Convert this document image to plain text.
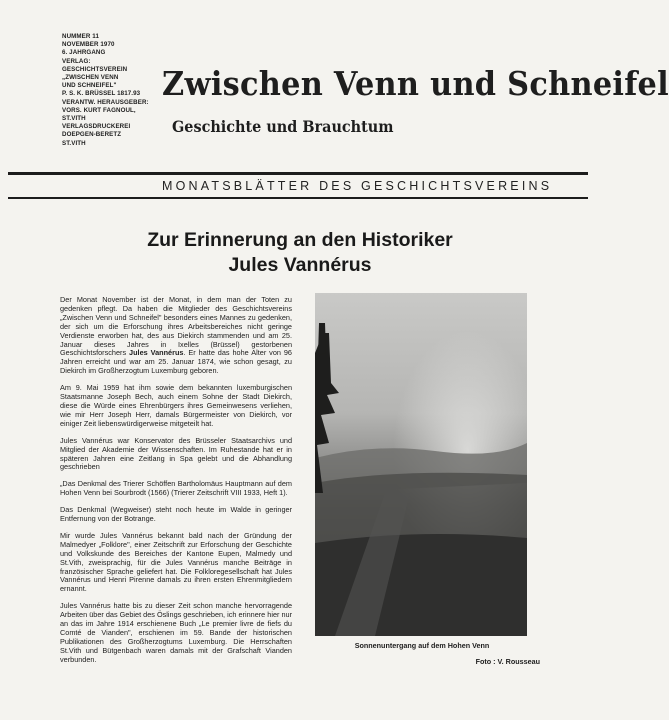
NUMMER 11
NOVEMBER 1970
6. JAHRGANG
VERLAG:
GESCHICHTSVEREIN
„ZWISCHEN VENN
UND SCHNEIFEL"
P. S. K. BRÜSSEL 1817.93
VERANTW. HERAUSGEBER:
VORS. KURT FAGNOUL,
ST.VITH
VERLAGSDRUCKEREI
DOEPGEN-BERETZ
ST.VITH
Zwischen Venn und Schneifel
Geschichte und Brauchtum
MONATSBLÄTTER DES GESCHICHTSVEREINS
Zur Erinnerung an den Historiker
Jules Vannérus

Der Monat November ist der Monat, in dem man der Toten zu gedenken pflegt. Da haben die Mitglieder des Geschichtsvereins „Zwischen Venn und Schneifel" besonders eines Mannes zu gedenken, der sich um die Erforschung ihres Arbeitsbereiches nicht geringe Verdienste erworben hat, des aus Diekirch stammenden und am 25. Januar dieses Jahres in Ixelles (Brüssel) gestorbenen Geschichtsforschers Jules Vannérus. Er hatte das hohe Alter von 96 Jahren erreicht und war am 25. Januar 1874, wie schon gesagt, zu Diekirch im Großherzogtum Luxemburg geboren.

Am 9. Mai 1959 hat ihm sowie dem bekannten luxemburgischen Staatsmanne Joseph Bech, auch einem Sohne der Stadt Diekirch, diese die Würde eines Ehrenbürgers ihres Gemeinwesens verliehen, wie mir Herr Joseph Herr, damals Bürgermeister von Diekirch, vor einiger Zeit liebenswürdigerweise mitgeteilt hat.

Jules Vannérus war Konservator des Brüsseler Staatsarchivs und Mitglied der Akademie der Wissenschaften. Im Ruhestande hat er in späteren Jahren eine Zeitlang in Spa gelebt und die Abhandlung geschrieben

„Das Denkmal des Trierer Schöffen Bartholomäus Hauptmann auf dem Hohen Venn bei Sourbrodt (1566) (Trierer Zeitschrift VIII 1933, Heft 1).

Das Denkmal (Wegweiser) steht noch heute im Walde in geringer Entfernung von der Botrange.

Mir wurde Jules Vannérus bekannt bald nach der Gründung der Malmedyer „Folklore", einer Zeitschrift zur Erforschung der Geschichte und Volkskunde des Bereiches der Kantone Eupen, Malmedy und St.Vith, zweisprachig, für die Jules Vannérus manche Beiträge in französischer Sprache geliefert hat. Die Folkloregesellschaft hat Jules Vannérus und Henri Pirenne damals zu ihren ersten Ehrenmitgliedern ernannt.

Jules Vannérus hatte bis zu dieser Zeit schon manche hervorragende Arbeiten über das Gebiet des Öslings geschrieben, ich erinnere hier nur an das im Jahre 1914 erschienene Buch „Le premier livre de fiefs du Comté de Vianden", erschienen im 59. Bande der historischen Publikationen des Großherzogtums Luxemburg. Die Herrschaften St.Vith und Bütgenbach waren damals mit der Grafschaft Vianden verbunden.

Sonnenuntergang auf dem Hohen Venn
Foto : V. Rousseau
